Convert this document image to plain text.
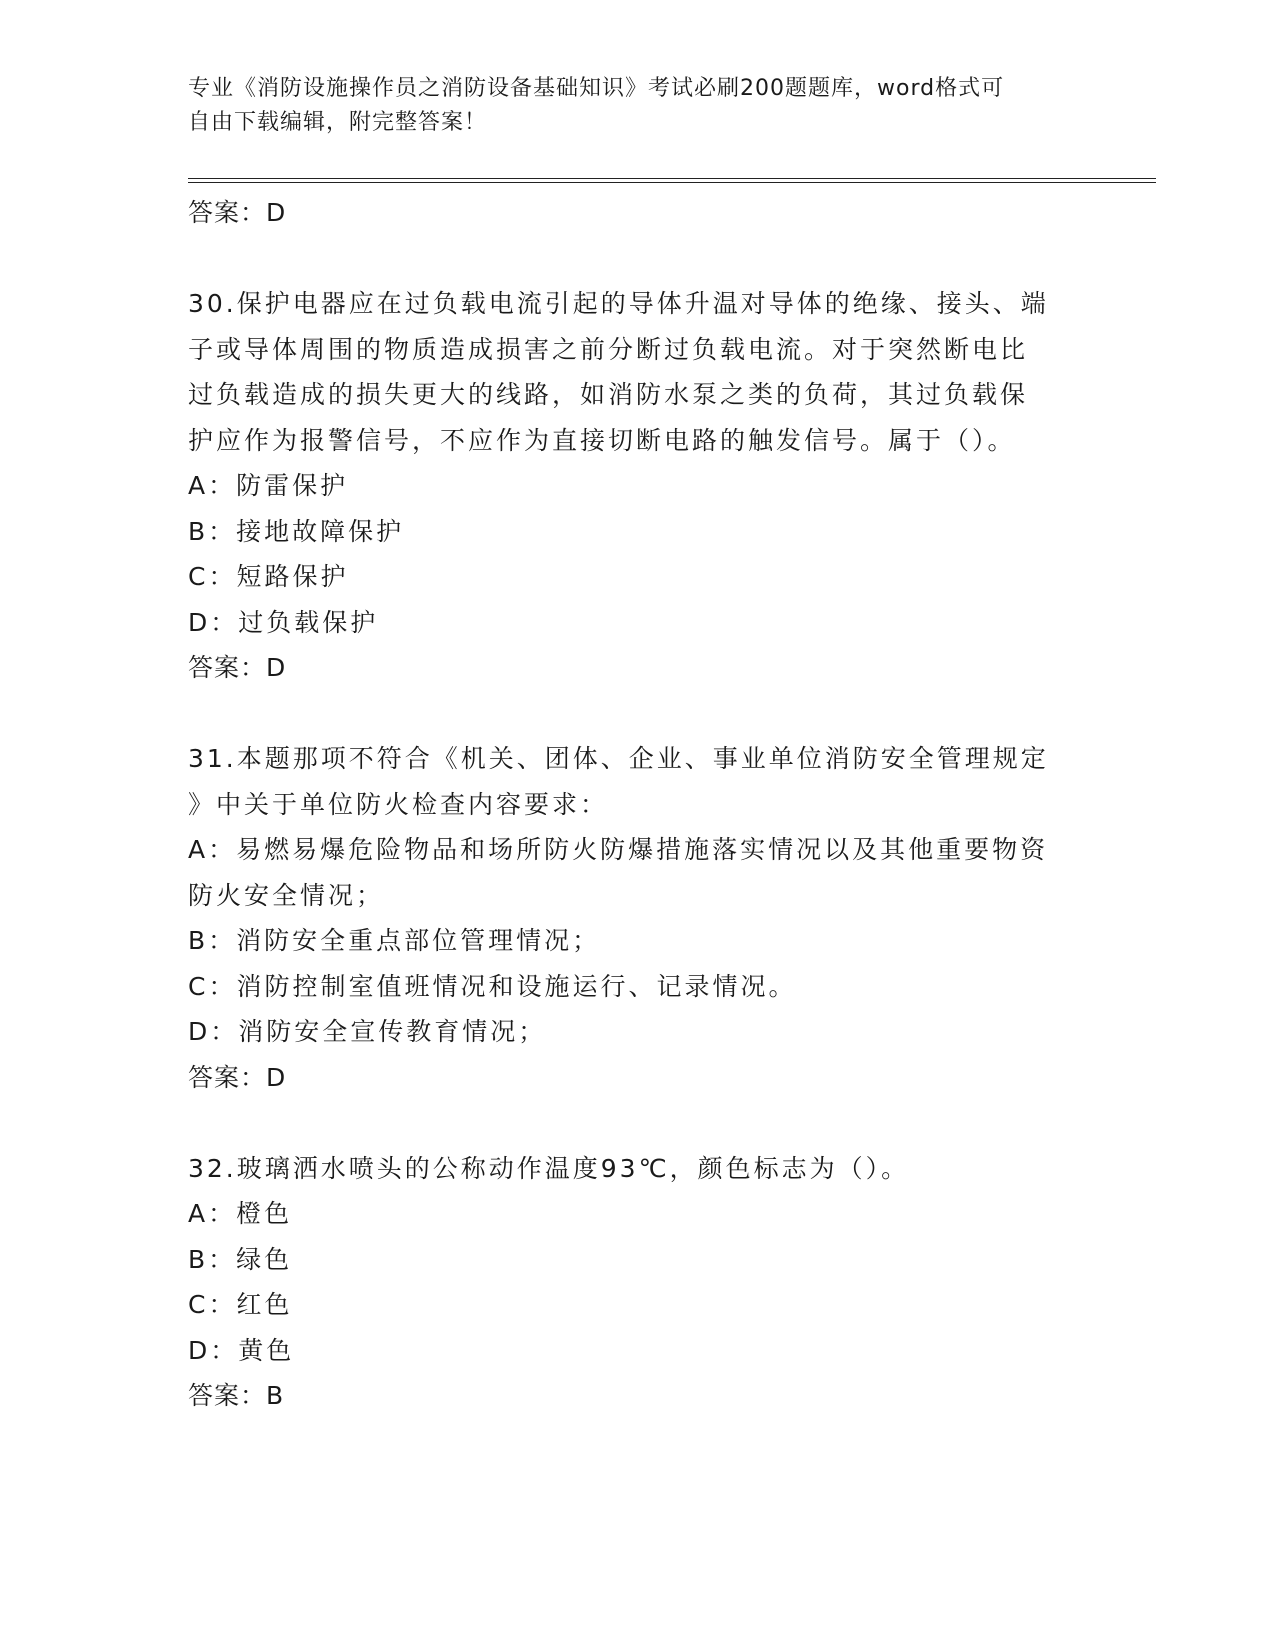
专业《消防设施操作员之消防设备基础知识》考试必刷200题题库，word格式可
自由下载编辑，附完整答案！
答案：D
30.保护电器应在过负载电流引起的导体升温对导体的绝缘、接头、端
子或导体周围的物质造成损害之前分断过负载电流。对于突然断电比
过负载造成的损失更大的线路，如消防水泵之类的负荷，其过负载保
护应作为报警信号，不应作为直接切断电路的触发信号。属于（）。
A：防雷保护
B：接地故障保护
C：短路保护
D：过负载保护
答案：D
31.本题那项不符合《机关、团体、企业、事业单位消防安全管理规定
》中关于单位防火检查内容要求：
A：易燃易爆危险物品和场所防火防爆措施落实情况以及其他重要物资
防火安全情况；
B：消防安全重点部位管理情况；
C：消防控制室值班情况和设施运行、记录情况。
D：消防安全宣传教育情况；
答案：D
32.玻璃洒水喷头的公称动作温度93℃，颜色标志为（）。
A：橙色
B：绿色
C：红色
D：黄色
答案：B
